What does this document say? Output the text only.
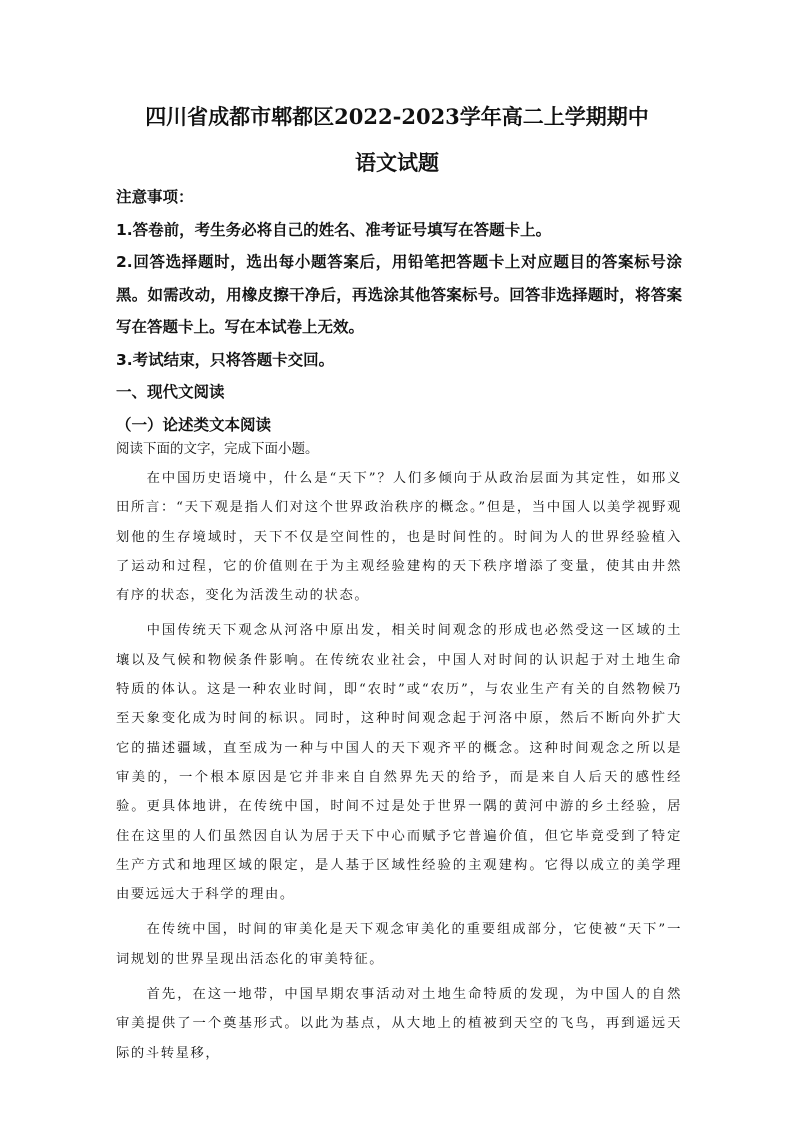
四川省成都市郫都区2022-2023学年高二上学期期中
语文试题

注意事项：

1.答卷前，考生务必将自己的姓名、准考证号填写在答题卡上。

2.回答选择题时，选出每小题答案后，用铅笔把答题卡上对应题目的答案标号涂黑。如需改动，用橡皮擦干净后，再选涂其他答案标号。回答非选择题时，将答案写在答题卡上。写在本试卷上无效。

3.考试结束，只将答题卡交回。

一、现代文阅读

（一）论述类文本阅读

阅读下面的文字，完成下面小题。

在中国历史语境中，什么是“天下”？人们多倾向于从政治层面为其定性，如邢义田所言：“天下观是指人们对这个世界政治秩序的概念。”但是，当中国人以美学视野观划他的生存境域时，天下不仅是空间性的，也是时间性的。时间为人的世界经验植入了运动和过程，它的价值则在于为主观经验建构的天下秩序增添了变量，使其由井然有序的状态，变化为活泼生动的状态。

中国传统天下观念从河洛中原出发，相关时间观念的形成也必然受这一区域的土壤以及气候和物候条件影响。在传统农业社会，中国人对时间的认识起于对土地生命特质的体认。这是一种农业时间，即“农时”或“农历”，与农业生产有关的自然物候乃至天象变化成为时间的标识。同时，这种时间观念起于河洛中原，然后不断向外扩大它的描述疆域，直至成为一种与中国人的天下观齐平的概念。这种时间观念之所以是审美的，一个根本原因是它并非来自自然界先天的给予，而是来自人后天的感性经验。更具体地讲，在传统中国，时间不过是处于世界一隅的黄河中游的乡土经验，居住在这里的人们虽然因自认为居于天下中心而赋予它普遍价值，但它毕竟受到了特定生产方式和地理区域的限定，是人基于区域性经验的主观建构。它得以成立的美学理由要远远大于科学的理由。

在传统中国，时间的审美化是天下观念审美化的重要组成部分，它使被“天下”一词规划的世界呈现出活态化的审美特征。

首先，在这一地带，中国早期农事活动对土地生命特质的发现，为中国人的自然审美提供了一个奠基形式。以此为基点，从大地上的植被到天空的飞鸟，再到遥远天际的斗转星移，
